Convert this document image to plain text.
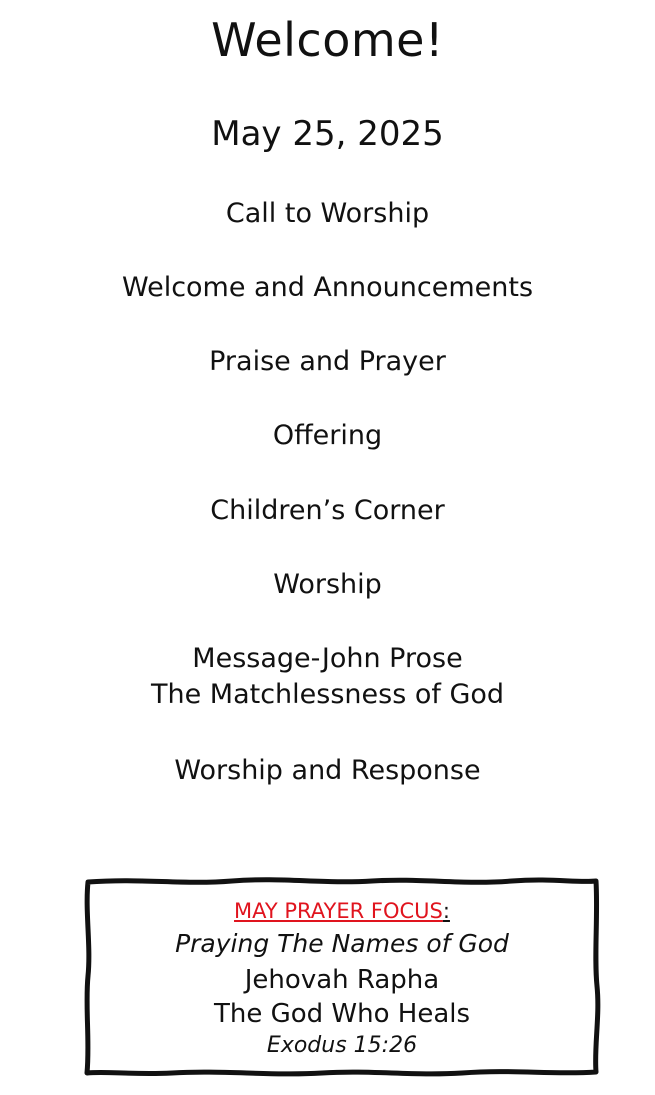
Welcome!
May 25, 2025
Call to Worship
Welcome and Announcements
Praise and Prayer
Offering
Children’s Corner
Worship
Message-John Prose
The Matchlessness of God
Worship and Response
MAY PRAYER FOCUS:
Praying The Names of God
Jehovah Rapha
The God Who Heals
Exodus 15:26
